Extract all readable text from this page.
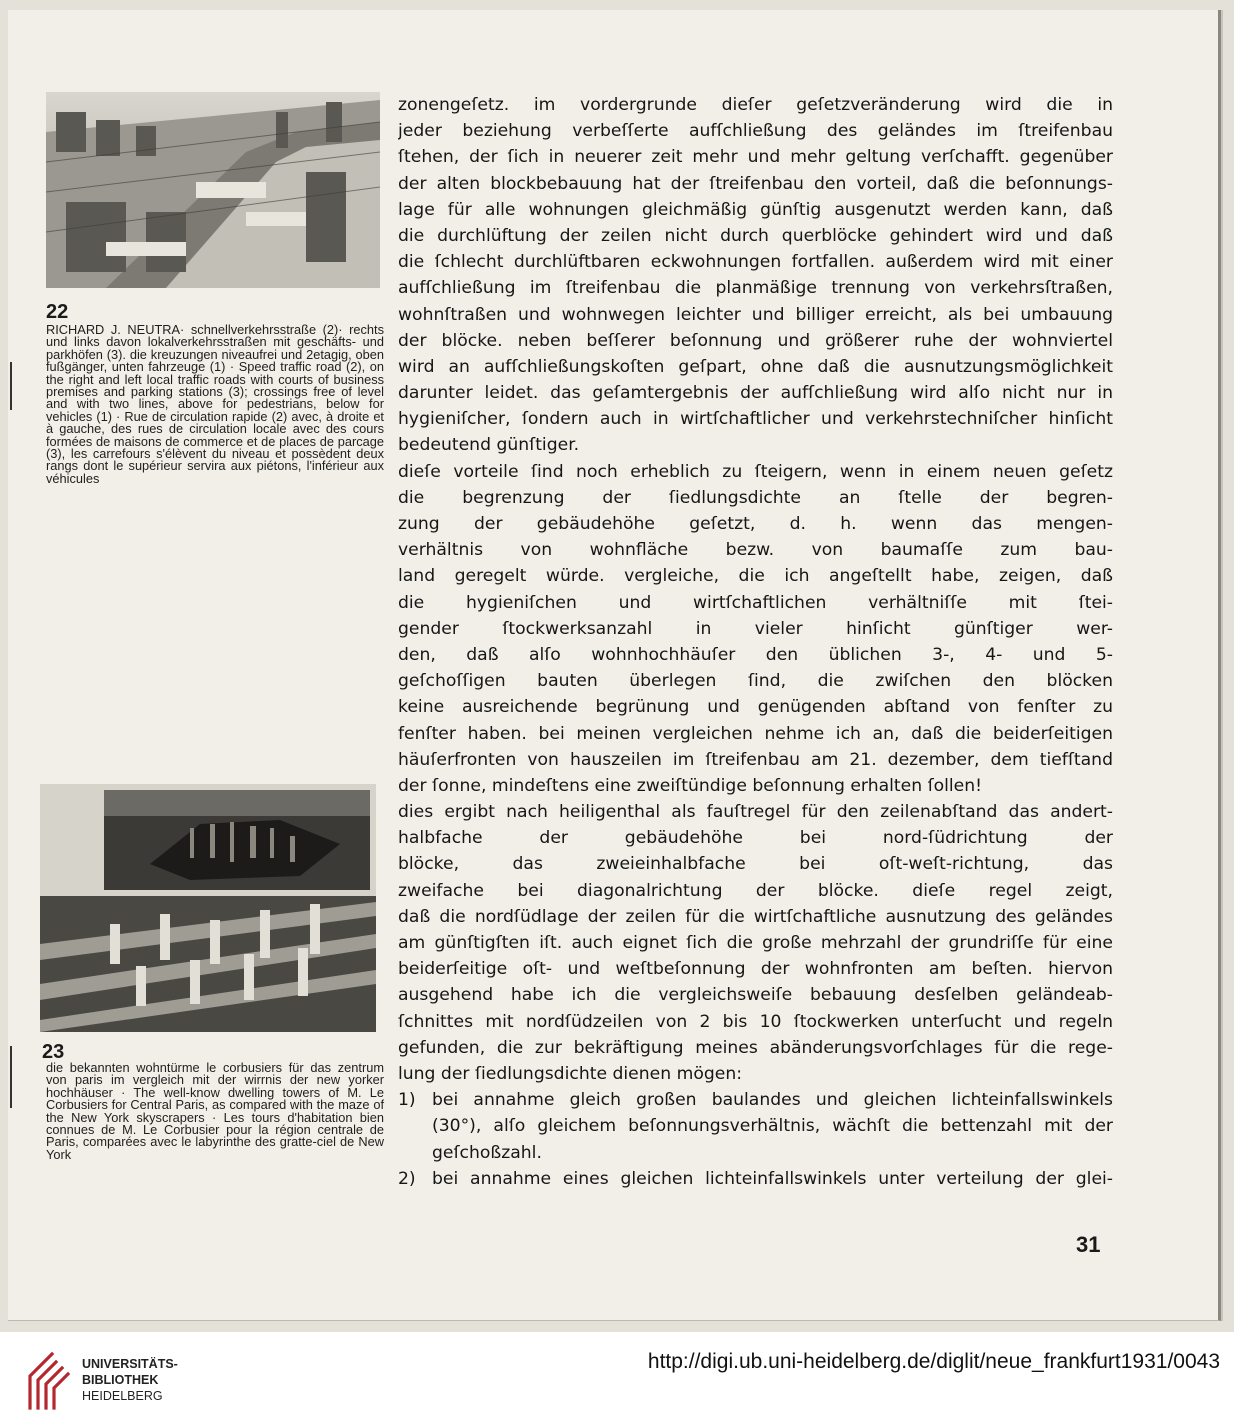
22

RICHARD J. NEUTRA· schnellverkehrsstraße (2)· rechts und links davon lokalverkehrsstraßen mit geschäfts- und parkhöfen (3). die kreuzungen niveaufrei und 2etagig, oben fußgänger, unten fahrzeuge (1) · Speed traffic road (2), on the right and left local traffic roads with courts of business premises and parking stations (3); crossings free of level and with two lines, above for pedestrians, below for vehicles (1) · Rue de circulation rapide (2) avec, à droite et à gauche, des rues de circulation locale avec des cours formées de maisons de commerce et de places de parcage (3), les carrefours s'élèvent du niveau et possèdent deux rangs dont le supérieur servira aux piétons, l'inférieur aux véhicules

23

die bekannten wohntürme le corbusiers für das zentrum von paris im vergleich mit der wirrnis der new yorker hochhäuser · The well-know dwelling towers of M. Le Corbusiers for Central Paris, as compared with the maze of the New York skyscrapers · Les tours d'habitation bien connues de M. Le Corbusier pour la région centrale de Paris, comparées avec le labyrinthe des gratte-ciel de New York

zonengeſetz. im vordergrunde dieſer geſetzveränderung wird die in
jeder beziehung verbeſſerte aufſchließung des geländes im ſtreifenbau
ſtehen, der ſich in neuerer zeit mehr und mehr geltung verſchafft. gegenüber
der alten blockbebauung hat der ſtreifenbau den vorteil, daß die beſonnungs-
lage für alle wohnungen gleichmäßig günſtig ausgenutzt werden kann, daß
die durchlüftung der zeilen nicht durch querblöcke gehindert wird und daß
die ſchlecht durchlüftbaren eckwohnungen fortfallen. außerdem wird mit einer
aufſchließung im ſtreifenbau die planmäßige trennung von verkehrsſtraßen,
wohnſtraßen und wohnwegen leichter und billiger erreicht, als bei umbauung
der blöcke. neben beſſerer beſonnung und größerer ruhe der wohnviertel
wird an aufſchließungskoſten geſpart, ohne daß die ausnutzungsmöglichkeit
darunter leidet. das geſamtergebnis der aufſchließung wird alſo nicht nur in
hygieniſcher, ſondern auch in wirtſchaftlicher und verkehrstechniſcher hinſicht
bedeutend günſtiger.
dieſe vorteile ſind noch erheblich zu ſteigern, wenn in einem neuen geſetz
die begrenzung der ſiedlungsdichte an ſtelle der begren-
zung der gebäudehöhe geſetzt, d. h. wenn das mengen-
verhältnis von wohnfläche bezw. von baumaſſe zum bau-
land geregelt würde. vergleiche, die ich angeſtellt habe, zeigen, daß
die hygieniſchen und wirtſchaftlichen verhältniſſe mit ſtei-
gender ſtockwerksanzahl in vieler hinſicht günſtiger wer-
den, daß alſo wohnhochhäuſer den üblichen 3-, 4- und 5-
geſchoſſigen bauten überlegen ſind, die zwiſchen den blöcken
keine ausreichende begrünung und genügenden abſtand von fenſter zu
fenſter haben. bei meinen vergleichen nehme ich an, daß die beiderſeitigen
häuſerfronten von hauszeilen im ſtreifenbau am 21. dezember, dem tiefſtand
der ſonne, mindeſtens eine zweiſtündige beſonnung erhalten ſollen!
dies ergibt nach heiligenthal als fauſtregel für den zeilenabſtand das andert-
halbfache der gebäudehöhe bei nord-ſüdrichtung der
blöcke, das zweieinhalbfache bei oſt-weſt-richtung, das
zweifache bei diagonalrichtung der blöcke. dieſe regel zeigt,
daß die nordſüdlage der zeilen für die wirtſchaftliche ausnutzung des geländes
am günſtigſten iſt. auch eignet ſich die große mehrzahl der grundriſſe für eine
beiderſeitige oſt- und weſtbeſonnung der wohnfronten am beſten. hiervon
ausgehend habe ich die vergleichsweiſe bebauung desſelben geländeab-
ſchnittes mit nordſüdzeilen von 2 bis 10 ſtockwerken unterſucht und regeln
gefunden, die zur bekräftigung meines abänderungsvorſchlages für die rege-
lung der ſiedlungsdichte dienen mögen:
1) bei annahme gleich großen baulandes und gleichen lichteinfallswinkels
(30°), alſo gleichem beſonnungsverhältnis, wächſt die bettenzahl mit der
geſchoßzahl.
2) bei annahme eines gleichen lichteinfallswinkels unter verteilung der glei-
31
UNIVERSITÄTS-
BIBLIOTHEK
HEIDELBERG
http://digi.ub.uni-heidelberg.de/diglit/neue_frankfurt1931/0043
